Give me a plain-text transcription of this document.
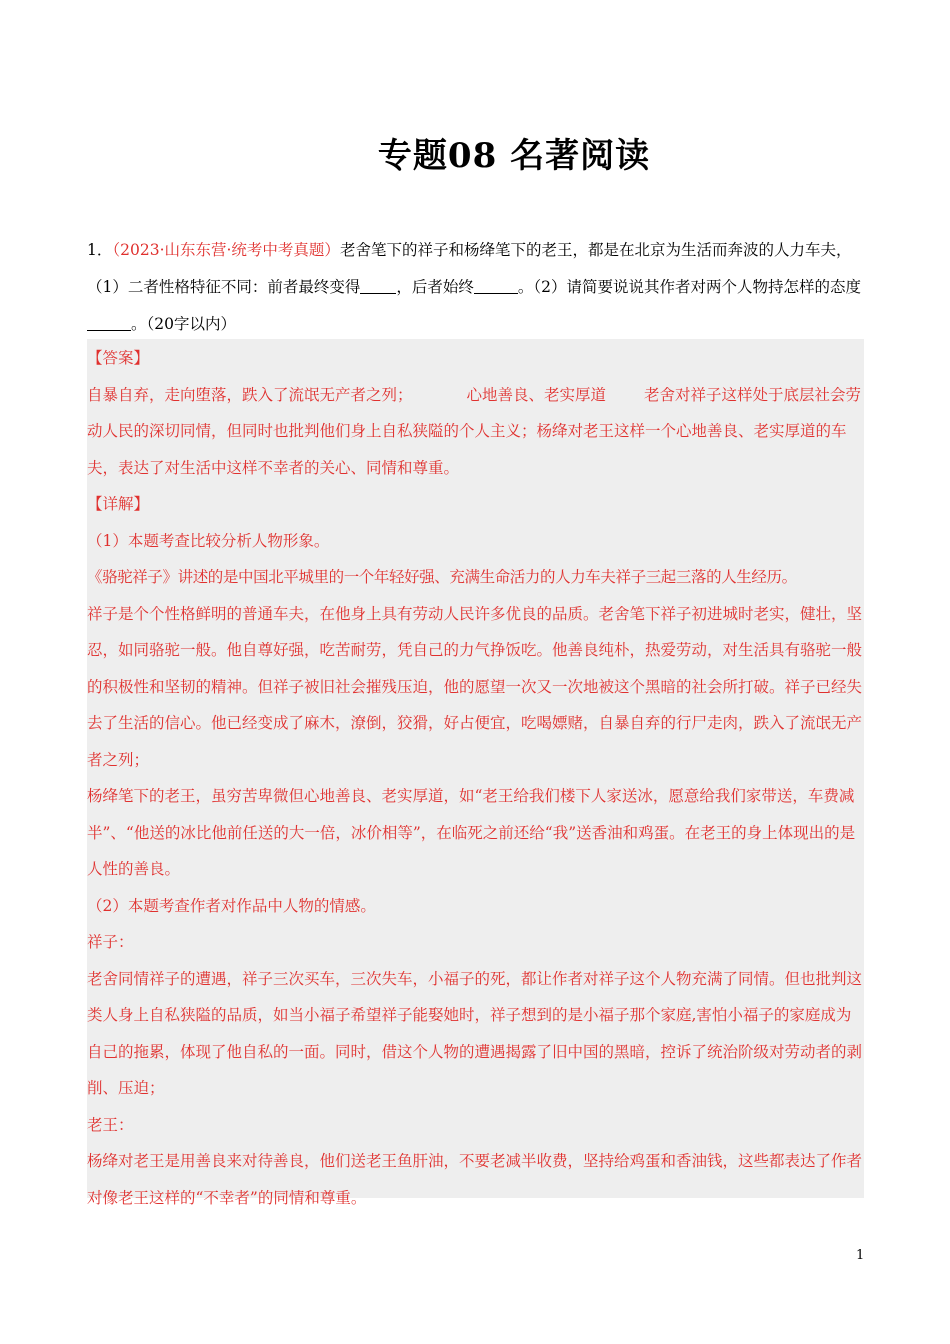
专题08 名著阅读
1．（2023·山东东营·统考中考真题）老舍笔下的祥子和杨绛笔下的老王，都是在北京为生活而奔波的人力车夫，（1）二者性格特征不同：前者最终变得 ，后者始终	。（2）请简要说说其作者对两个人物持怎样的态度。（20字以内）

【答案】

自暴自弃，走向堕落，跌入了流氓无产者之列；	心地善良、老实厚道 老舍对祥子这样处于底层社会劳动人民的深切同情，但同时也批判他们身上自私狭隘的个人主义；杨绛对老王这样一个心地善良、老实厚道的车夫，表达了对生活中这样不幸者的关心、同情和尊重。

【详解】

（1）本题考查比较分析人物形象。

《骆驼祥子》讲述的是中国北平城里的一个年轻好强、充满生命活力的人力车夫祥子三起三落的人生经历。

祥子是个个性格鲜明的普通车夫，在他身上具有劳动人民许多优良的品质。老舍笔下祥子初进城时老实，健壮，坚忍，如同骆驼一般。他自尊好强，吃苦耐劳，凭自己的力气挣饭吃。他善良纯朴，热爱劳动，对生活具有骆驼一般的积极性和坚韧的精神。但祥子被旧社会摧残压迫，他的愿望一次又一次地被这个黑暗的社会所打破。祥子已经失去了生活的信心。他已经变成了麻木，潦倒，狡猾，好占便宜，吃喝嫖赌，自暴自弃的行尸走肉，跌入了流氓无产者之列；

杨绛笔下的老王，虽穷苦卑微但心地善良、老实厚道，如“老王给我们楼下人家送冰，愿意给我们家带送，车费减半”、“他送的冰比他前任送的大一倍，冰价相等”，在临死之前还给“我”送香油和鸡蛋。在老王的身上体现出的是人性的善良。

（2）本题考查作者对作品中人物的情感。

祥子：

老舍同情祥子的遭遇，祥子三次买车，三次失车，小福子的死，都让作者对祥子这个人物充满了同情。但也批判这类人身上自私狭隘的品质，如当小福子希望祥子能娶她时，祥子想到的是小福子那个家庭,害怕小福子的家庭成为自己的拖累，体现了他自私的一面。同时，借这个人物的遭遇揭露了旧中国的黑暗，控诉了统治阶级对劳动者的剥削、压迫；

老王：

杨绛对老王是用善良来对待善良，他们送老王鱼肝油，不要老减半收费，坚持给鸡蛋和香油钱，这些都表达了作者对像老王这样的“不幸者”的同情和尊重。

1
